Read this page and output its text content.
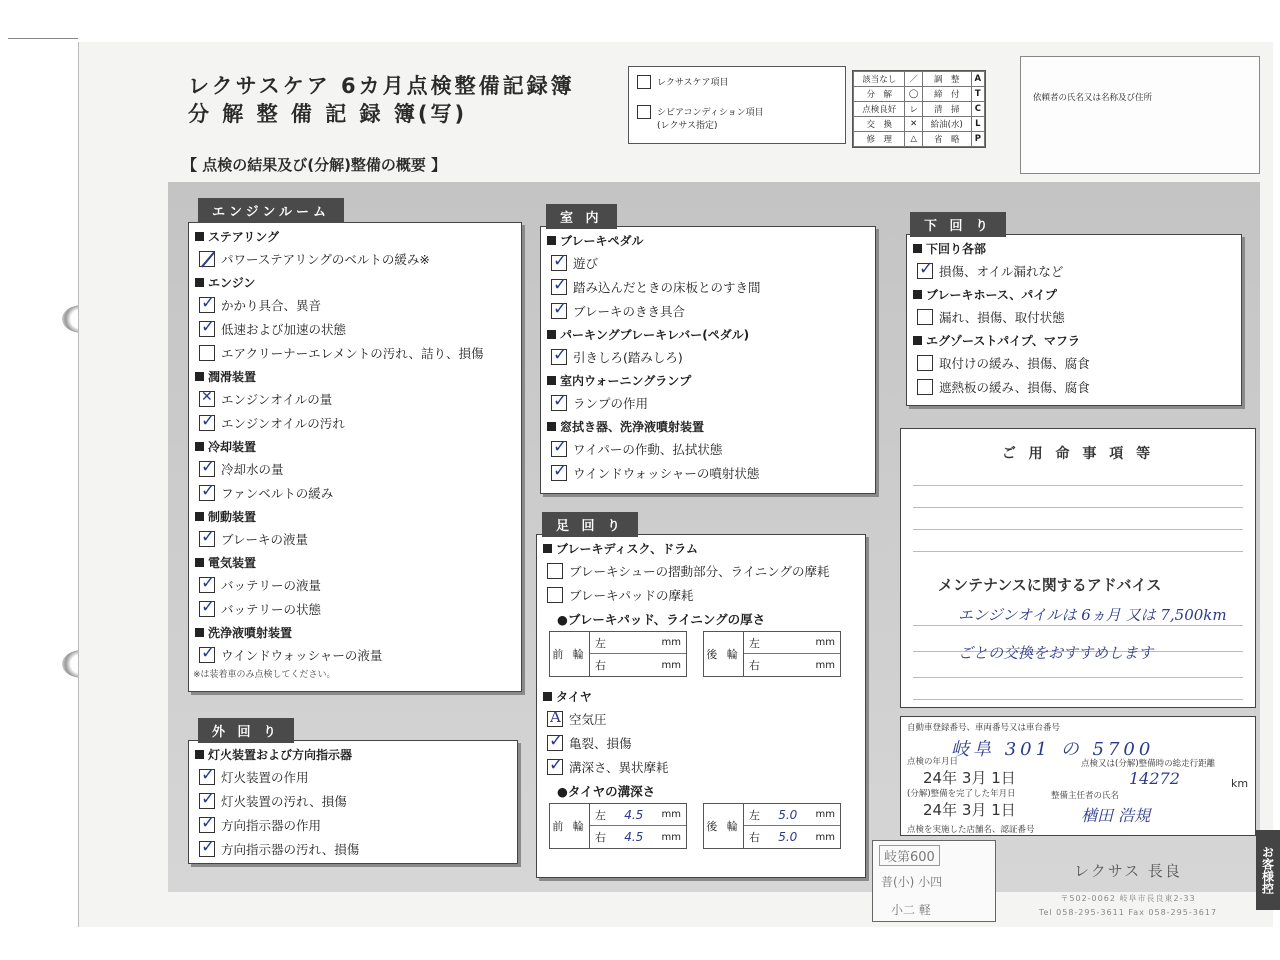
レクサスケア 6カ月点検整備記録簿
分 解 整 備 記 録 簿(写)
レクサスケア項目
シビアコンディション項目
(レクサス指定)
該当なし	／	調　整	A
分　解	◯	締　付	T
点検良好	レ	清　掃	C
交　換	✕	給油(水)	L
修　理	△	省　略	P
依頼者の氏名又は名称及び住所
【 点検の結果及び(分解)整備の概要 】
ステアリング
パワーステアリングのベルトの緩み※
エンジン
✓
かかり具合、異音
✓
低速および加速の状態
エアクリーナーエレメントの汚れ、詰り、損傷
潤滑装置
✕
エンジンオイルの量
✓
エンジンオイルの汚れ
冷却装置
✓
冷却水の量
✓
ファンベルトの緩み
制動装置
✓
ブレーキの液量
電気装置
✓
バッテリーの液量
✓
バッテリーの状態
洗浄液噴射装置
✓
ウインドウォッシャーの液量
※は装着車のみ点検してください。
エンジンルーム
灯火装置および方向指示器
✓
灯火装置の作用
✓
灯火装置の汚れ、損傷
✓
方向指示器の作用
✓
方向指示器の汚れ、損傷
外 回 り
ブレーキペダル
✓
遊び
✓
踏み込んだときの床板とのすき間
✓
ブレーキのきき具合
パーキングブレーキレバー(ペダル)
✓
引きしろ(踏みしろ)
室内ウォーニングランプ
✓
ランプの作用
窓拭き器、洗浄液噴射装置
✓
ワイパーの作動、払拭状態
✓
ウインドウォッシャーの噴射状態
室 内
ブレーキディスク、ドラム
ブレーキシューの摺動部分、ライニングの摩耗
ブレーキパッドの摩耗
●ブレーキパッド、ライニングの厚さ
前 輪
左	mm
右	mm
後 輪
左	mm
右	mm
タイヤ
A
空気圧
✓
亀裂、損傷
✓
溝深さ、異状摩耗
●タイヤの溝深さ
前 輪
左 4.5 mm
右 4.5 mm
後 輪
左 5.0 mm
右 5.0 mm
足 回 り
下回り各部
✓
損傷、オイル漏れなど
ブレーキホース、パイプ
漏れ、損傷、取付状態
エグゾーストパイプ、マフラ
取付けの緩み、損傷、腐食
遮熱板の緩み、損傷、腐食
下 回 り
ご 用 命 事 項 等
メンテナンスに関するアドバイス
エンジンオイルは 6ヵ月 又は 7,500km
ごとの交換をおすすめします
自動車登録番号、車両番号又は車台番号
岐阜 301 の 5700
点検の年月日	点検又は(分解)整備時の総走行距離
24年 3月 1日	14272	km
(分解)整備を完了した年月日	整備主任者の氏名
24年 3月 1日	楢田 浩規
点検を実施した店舗名、認証番号
岐第600
普(小) 小四
小二 軽
レクサス 長良
〒502-0062 岐阜市長良東2-33
Tel 058-295-3611 Fax 058-295-3617
お客様控
